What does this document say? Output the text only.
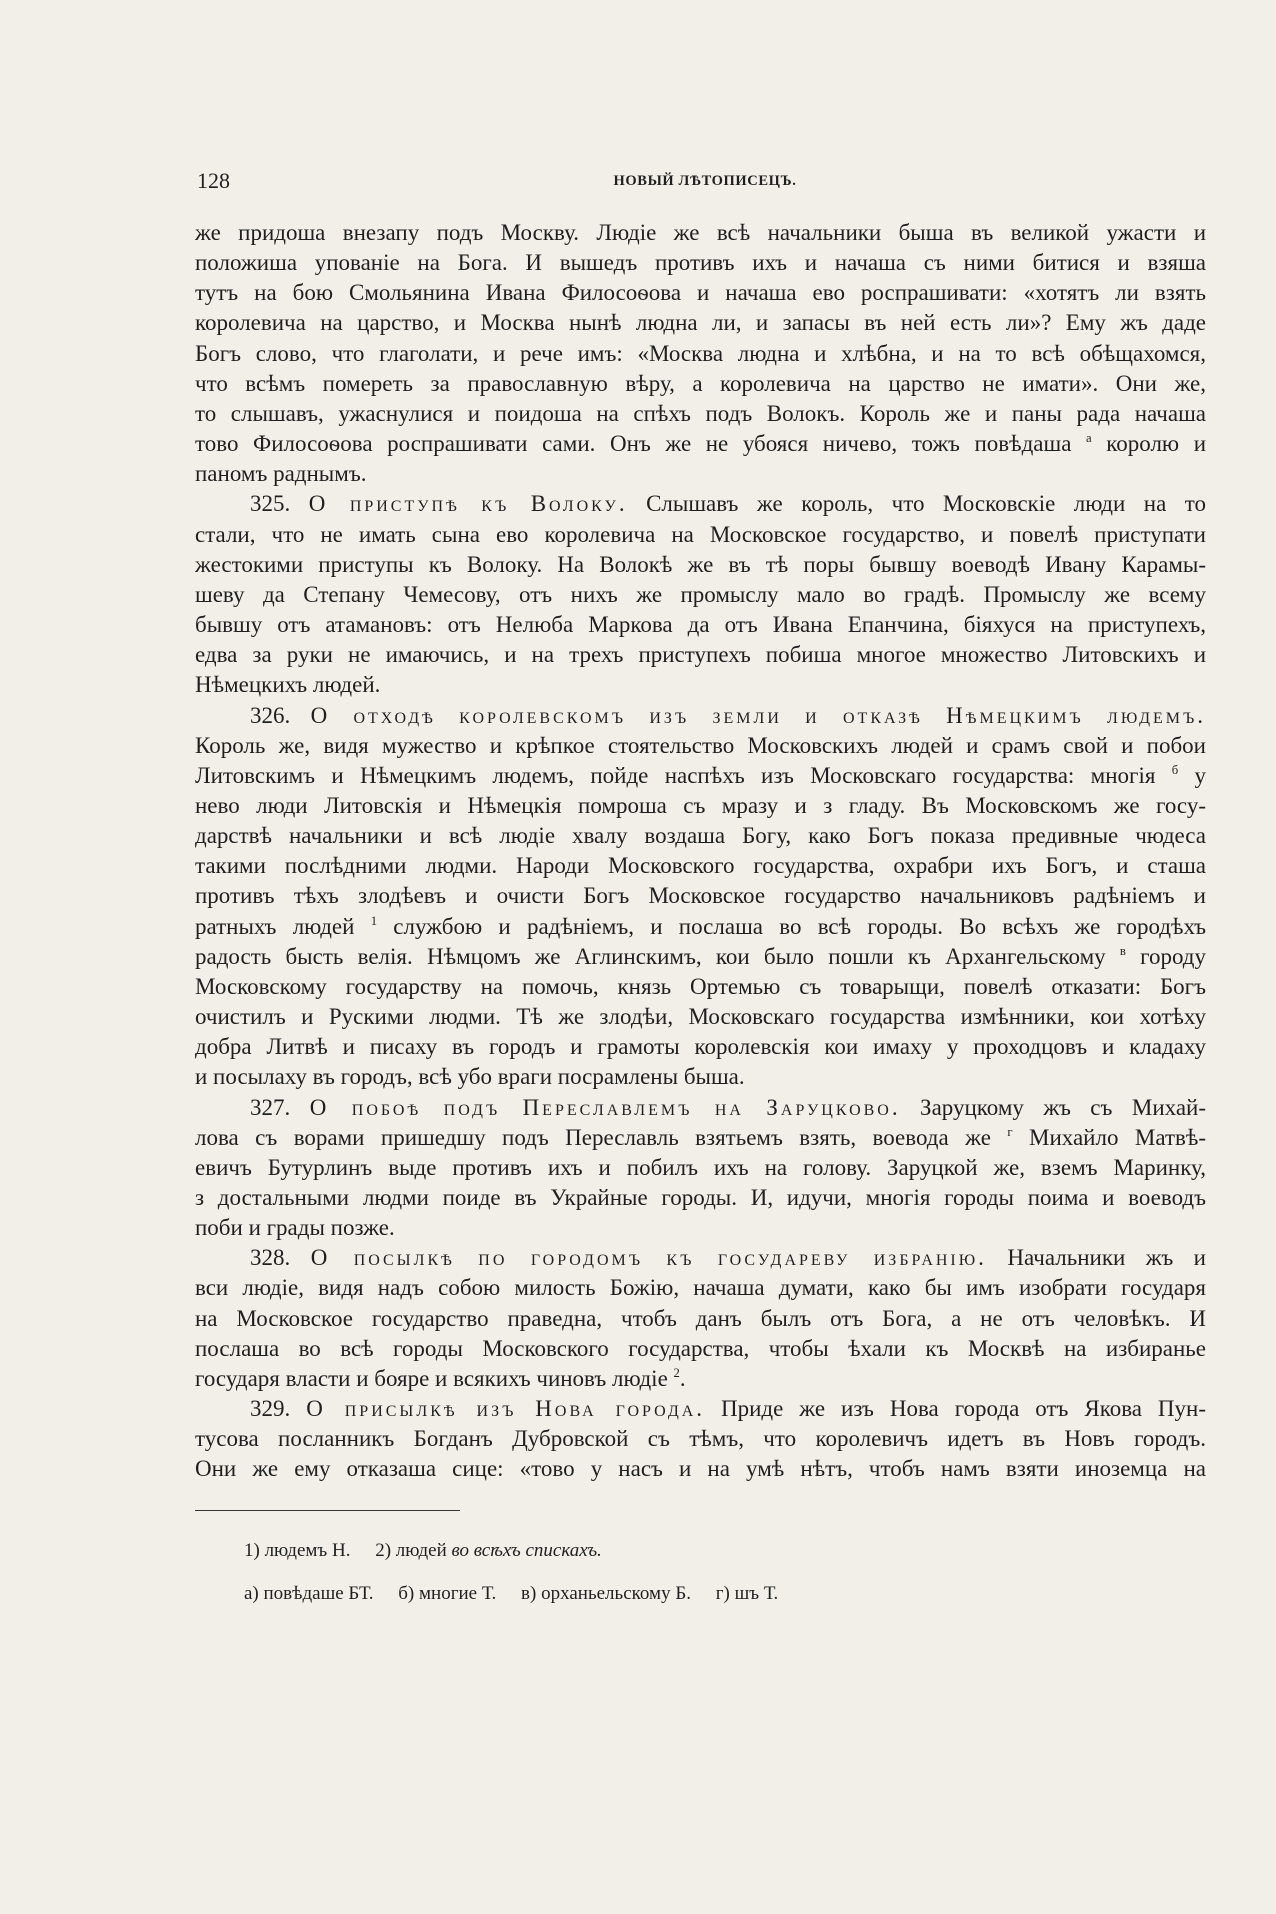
128	НОВЫЙ ЛѢТОПИСЕЦЪ.
же придоша внезапу подъ Москву. Людіе же всѣ начальники быша въ великой ужасти и
положиша упованіе на Бога. И вышедъ противъ ихъ и начаша съ ними битися и взяша
тутъ на бою Смольянина Ивана Филосоѳова и начаша ево роспрашивати: «хотятъ ли взять
королевича на царство, и Москва нынѣ людна ли, и запасы въ ней есть ли»? Ему жъ даде
Богъ слово, что глаголати, и рече имъ: «Москва людна и хлѣбна, и на то всѣ обѣщахомся,
что всѣмъ помереть за православную вѣру, а королевича на царство не имати». Они же,
то слышавъ, ужаснулися и поидоша на спѣхъ подъ Волокъ. Король же и паны рада начаша
тово Филосоѳова роспрашивати сами. Онъ же не убояся ничево, тожъ повѣдаша $^а$ королю и
паномъ раднымъ.
325. О приступѣ къ Волоку. Слышавъ же король, что Московскіе люди на то
стали, что не имать сына ево королевича на Московское государство, и повелѣ приступати
жестокими приступы къ Волоку. На Волокѣ же въ тѣ поры бывшу воеводѣ Ивану Карамы-
шеву да Степану Чемесову, отъ нихъ же промыслу мало во градѣ. Промыслу же всему
бывшу отъ атамановъ: отъ Нелюба Маркова да отъ Ивана Епанчина, біяхуся на приступехъ,
едва за руки не имаючись, и на трехъ приступехъ побиша многое множество Литовскихъ и
Нѣмецкихъ людей.
326. О отходѣ королевскомъ изъ земли и отказѣ Нѣмецкимъ людемъ.
Король же, видя мужество и крѣпкое стоятельство Московскихъ людей и срамъ свой и побои
Литовскимъ и Нѣмецкимъ людемъ, пойде наспѣхъ изъ Московскаго государства: многія $^б$ у
нево люди Литовскія и Нѣмецкія помроша съ мразу и з гладу. Въ Московскомъ же госу-
дарствѣ начальники и всѣ людіе хвалу воздаша Богу, како Богъ показа предивные чюдеса
такими послѣдними людми. Народи Московского государства, охрабри ихъ Богъ, и сташа
противъ тѣхъ злодѣевъ и очисти Богъ Московское государство начальниковъ радѣніемъ и
ратныхъ людей $^1$ службою и радѣніемъ, и послаша во всѣ городы. Во всѣхъ же городѣхъ
радость бысть велія. Нѣмцомъ же Аглинскимъ, кои было пошли къ Архангельскому $^в$ городу
Московскому государству на помочь, князь Ортемью съ товарыщи, повелѣ отказати: Богъ
очистилъ и Рускими людми. Тѣ же злодѣи, Московскаго государства измѣнники, кои хотѣху
добра Литвѣ и писаху въ городъ и грамоты королевскія кои имаху у проходцовъ и кладаху
и посылаху въ городъ, всѣ убо враги посрамлены быша.
327. О побоѣ подъ Переславлемъ на Заруцково. Заруцкому жъ съ Михай-
лова съ ворами пришедшу подъ Переславль взятьемъ взять, воевода же $^г$ Михайло Матвѣ-
евичъ Бутурлинъ выде противъ ихъ и побилъ ихъ на голову. Заруцкой же, вземъ Маринку,
з достальными людми поиде въ Украйные городы. И, идучи, многія городы поима и воеводъ
поби и грады позже.
328. О посылкѣ по городомъ къ государеву избранію. Начальники жъ и
вси людіе, видя надъ собою милость Божію, начаша думати, како бы имъ изобрати государя
на Московское государство праведна, чтобъ данъ былъ отъ Бога, а не отъ человѣкъ. И
послаша во всѣ городы Московского государства, чтобы ѣхали къ Москвѣ на избиранье
государя власти и бояре и всякихъ чиновъ людіе $^2$.
329. О присылкѣ изъ Нова города. Приде же изъ Нова города отъ Якова Пун-
тусова посланникъ Богданъ Дубровской съ тѣмъ, что королевичъ идетъ въ Новъ городъ.
Они же ему отказаша сице: «тово у насъ и на умѣ нѣтъ, чтобъ намъ взяти иноземца на
1) людемъ Н. 2) людей во всѣхъ спискахъ.
а) повѣдаше БТ. б) многие Т. в) орханьельскому Б. г) шъ Т.
